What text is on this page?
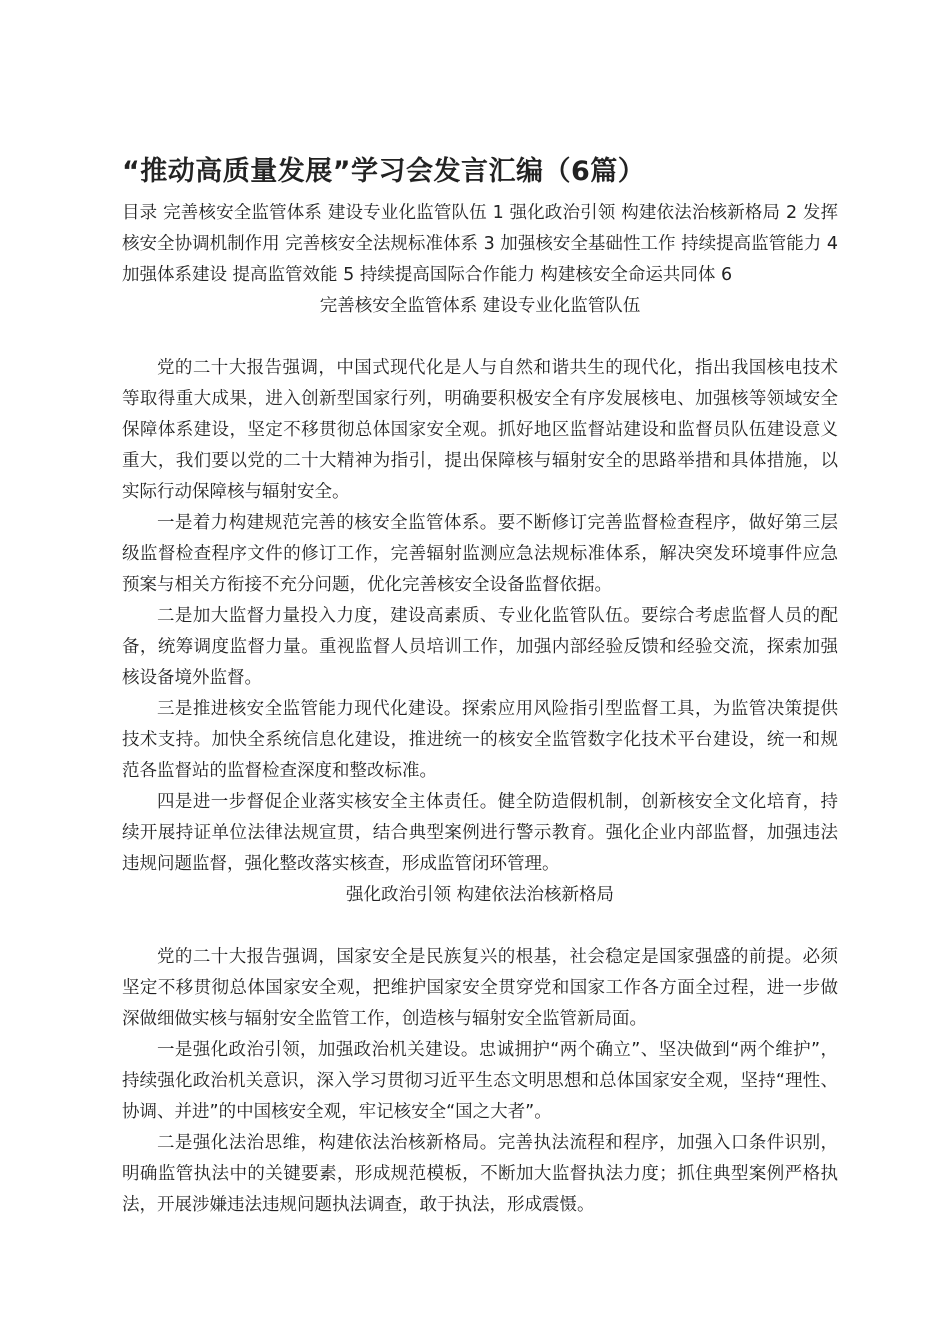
“推动高质量发展”学习会发言汇编（6篇）

目录 完善核安全监管体系 建设专业化监管队伍 1 强化政治引领 构建依法治核新格局 2 发挥核安全协调机制作用 完善核安全法规标准体系 3 加强核安全基础性工作 持续提高监管能力 4 加强体系建设 提高监管效能 5 持续提高国际合作能力 构建核安全命运共同体 6

完善核安全监管体系 建设专业化监管队伍

党的二十大报告强调，中国式现代化是人与自然和谐共生的现代化，指出我国核电技术等取得重大成果，进入创新型国家行列，明确要积极安全有序发展核电、加强核等领域安全保障体系建设，坚定不移贯彻总体国家安全观。抓好地区监督站建设和监督员队伍建设意义重大，我们要以党的二十大精神为指引，提出保障核与辐射安全的思路举措和具体措施，以实际行动保障核与辐射安全。

一是着力构建规范完善的核安全监管体系。要不断修订完善监督检查程序，做好第三层级监督检查程序文件的修订工作，完善辐射监测应急法规标准体系，解决突发环境事件应急预案与相关方衔接不充分问题，优化完善核安全设备监督依据。

二是加大监督力量投入力度，建设高素质、专业化监管队伍。要综合考虑监督人员的配备，统筹调度监督力量。重视监督人员培训工作，加强内部经验反馈和经验交流，探索加强核设备境外监督。

三是推进核安全监管能力现代化建设。探索应用风险指引型监督工具，为监管决策提供技术支持。加快全系统信息化建设，推进统一的核安全监管数字化技术平台建设，统一和规范各监督站的监督检查深度和整改标准。

四是进一步督促企业落实核安全主体责任。健全防造假机制，创新核安全文化培育，持续开展持证单位法律法规宣贯，结合典型案例进行警示教育。强化企业内部监督，加强违法违规问题监督，强化整改落实核查，形成监管闭环管理。

强化政治引领 构建依法治核新格局

党的二十大报告强调，国家安全是民族复兴的根基，社会稳定是国家强盛的前提。必须坚定不移贯彻总体国家安全观，把维护国家安全贯穿党和国家工作各方面全过程，进一步做深做细做实核与辐射安全监管工作，创造核与辐射安全监管新局面。

一是强化政治引领，加强政治机关建设。忠诚拥护“两个确立”、坚决做到“两个维护”，持续强化政治机关意识，深入学习贯彻习近平生态文明思想和总体国家安全观，坚持“理性、协调、并进”的中国核安全观，牢记核安全“国之大者”。

二是强化法治思维，构建依法治核新格局。完善执法流程和程序，加强入口条件识别，明确监管执法中的关键要素，形成规范模板，不断加大监督执法力度；抓住典型案例严格执法，开展涉嫌违法违规问题执法调查，敢于执法，形成震慑。
